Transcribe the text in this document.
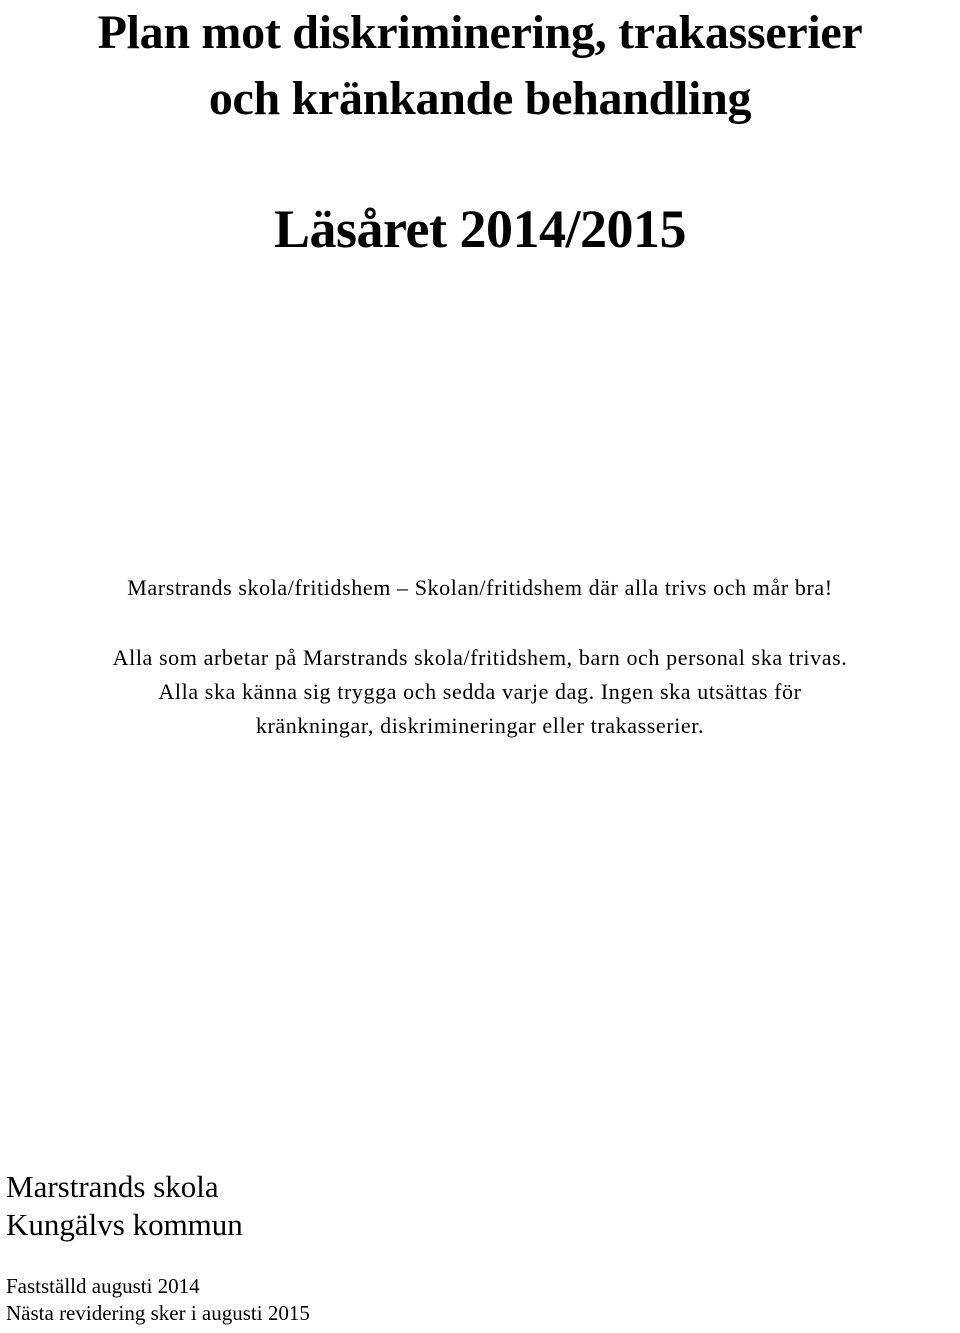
Plan mot diskriminering, trakasserier
och kränkande behandling
Läsåret 2014/2015

Marstrands skola/fritidshem – Skolan/fritidshem där alla trivs och mår bra!

Alla som arbetar på Marstrands skola/fritidshem, barn och personal ska trivas.
Alla ska känna sig trygga och sedda varje dag. Ingen ska utsättas för
kränkningar, diskrimineringar eller trakasserier.

Marstrands skola
Kungälvs kommun
Fastställd augusti 2014
Nästa revidering sker i augusti 2015
